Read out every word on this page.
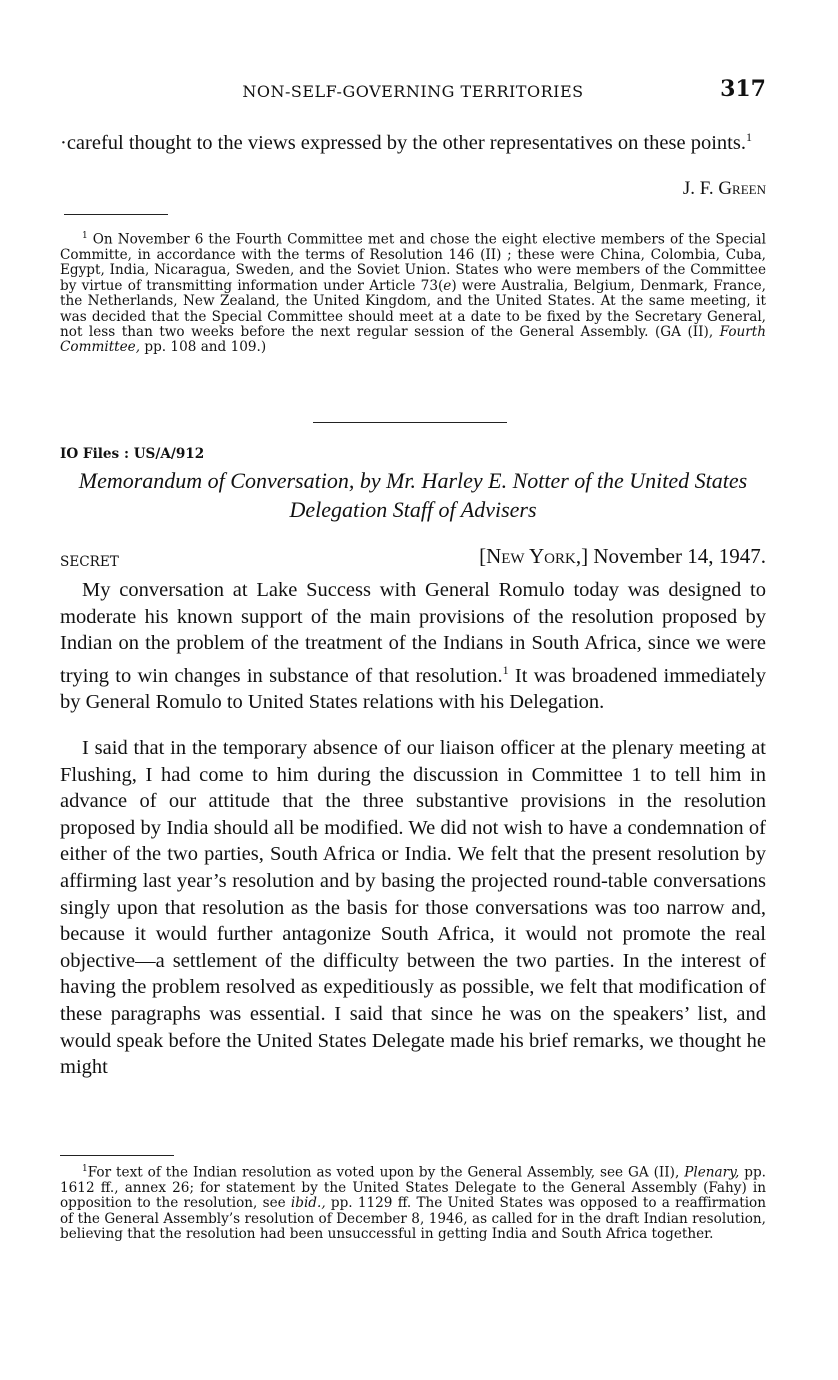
NON-SELF-GOVERNING TERRITORIES	317

·careful thought to the views expressed by the other representatives on these points.$^1$

J. F. Green

$^1$ On November 6 the Fourth Committee met and chose the eight elective members of the Special Committe, in accordance with the terms of Resolution 146 (II) ; these were China, Colombia, Cuba, Egypt, India, Nicaragua, Sweden, and the Soviet Union. States who were members of the Committee by virtue of transmitting information under Article 73(e) were Australia, Belgium, Denmark, France, the Netherlands, New Zealand, the United Kingdom, and the United States. At the same meeting, it was decided that the Special Committee should meet at a date to be fixed by the Secretary General, not less than two weeks before the next regular session of the General Assembly. (GA (II), Fourth Committee, pp. 108 and 109.)

IO Files : US/A/912

Memorandum of Conversation, by Mr. Harley E. Notter of the United States Delegation Staff of Advisers

SECRET	[New York,] November 14, 1947.

My conversation at Lake Success with General Romulo today was designed to moderate his known support of the main provisions of the resolution proposed by Indian on the problem of the treatment of the Indians in South Africa, since we were trying to win changes in substance of that resolution.$^1$ It was broadened immediately by General Romulo to United States relations with his Delegation.

I said that in the temporary absence of our liaison officer at the plenary meeting at Flushing, I had come to him during the discussion in Committee 1 to tell him in advance of our attitude that the three substantive provisions in the resolution proposed by India should all be modified. We did not wish to have a condemnation of either of the two parties, South Africa or India. We felt that the present resolution by affirming last year’s resolution and by basing the projected round-table conversations singly upon that resolution as the basis for those conversations was too narrow and, because it would further antagonize South Africa, it would not promote the real objective—a settlement of the difficulty between the two parties. In the interest of having the problem resolved as expeditiously as possible, we felt that modification of these paragraphs was essential. I said that since he was on the speakers’ list, and would speak before the United States Delegate made his brief remarks, we thought he might

$^1$For text of the Indian resolution as voted upon by the General Assembly, see GA (II), Plenary, pp. 1612 ff., annex 26; for statement by the United States Delegate to the General Assembly (Fahy) in opposition to the resolution, see ibid., pp. 1129 ff. The United States was opposed to a reaffirmation of the General Assembly’s resolution of December 8, 1946, as called for in the draft Indian resolution, believing that the resolution had been unsuccessful in getting India and South Africa together.
